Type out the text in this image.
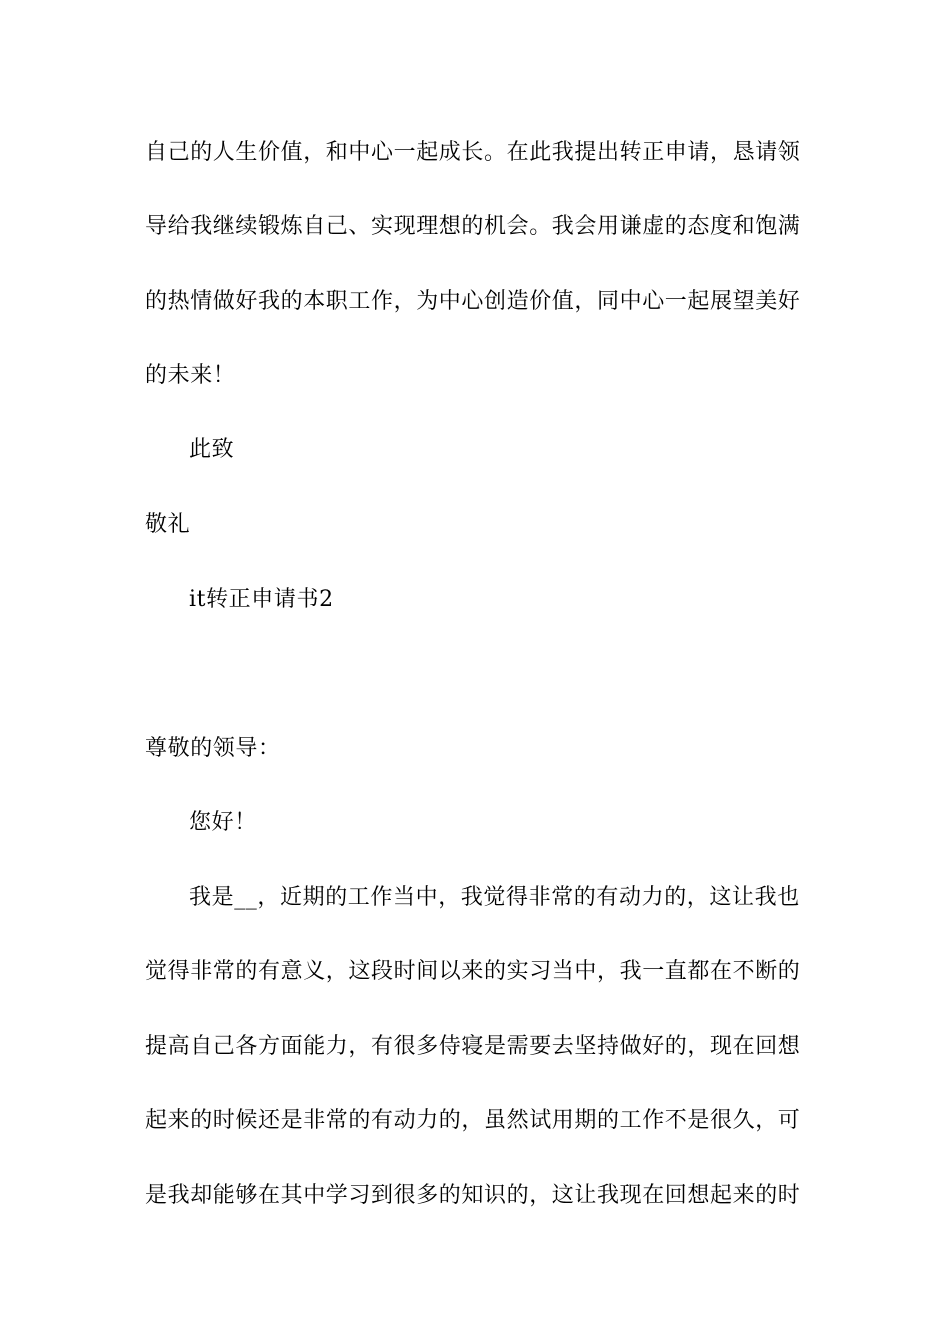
自己的人生价值，和中心一起成长。在此我提出转正申请，恳请领
导给我继续锻炼自己、实现理想的机会。我会用谦虚的态度和饱满
的热情做好我的本职工作，为中心创造价值，同中心一起展望美好
的未来！
此致
敬礼
it转正申请书2
尊敬的领导：
您好！
我是__，近期的工作当中，我觉得非常的有动力的，这让我也
觉得非常的有意义，这段时间以来的实习当中，我一直都在不断的
提高自己各方面能力，有很多侍寝是需要去坚持做好的，现在回想
起来的时候还是非常的有动力的，虽然试用期的工作不是很久，可
是我却能够在其中学习到很多的知识的，这让我现在回想起来的时
